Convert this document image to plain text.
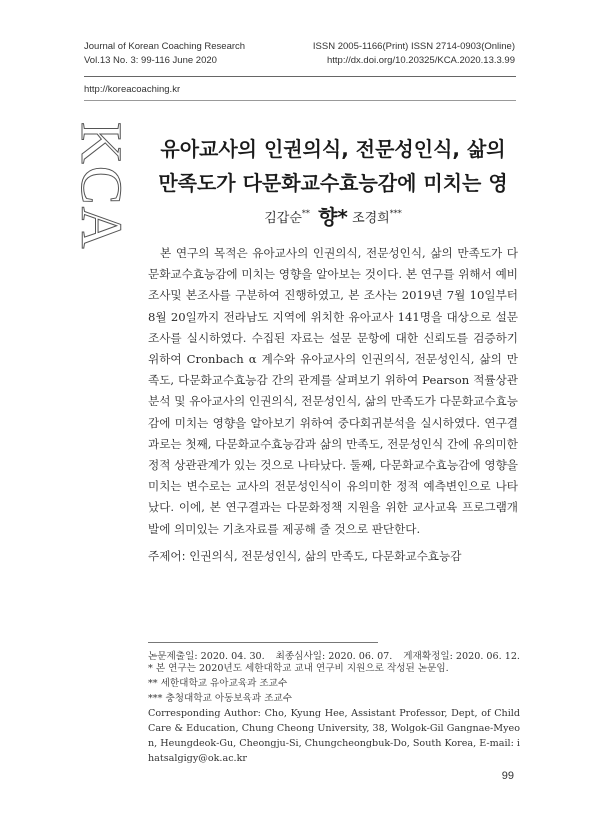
Journal of Korean Coaching Research
Vol.13 No. 3: 99-116 June 2020
ISSN 2005-1166(Print) ISSN 2714-0903(Online)
http://dx.doi.org/10.20325/KCA.2020.13.3.99
http://koreacoaching.kr
KCA	유아교사의 인권의식, 전문성인식, 삶의
만족도가 다문화교수효능감에 미치는 영향*
김갑순**	조경희***

본 연구의 목적은 유아교사의 인권의식, 전문성인식, 삶의 만족도가 다문화교수효능감에 미치는 영향을 알아보는 것이다. 본 연구를 위해서 예비조사및 본조사를 구분하여 진행하였고, 본 조사는 2019년 7월 10일부터 8월 20일까지 전라남도 지역에 위치한 유아교사 141명을 대상으로 설문조사를 실시하였다. 수집된 자료는 설문 문항에 대한 신뢰도를 검증하기 위하여 Cronbach α 계수와 유아교사의 인권의식, 전문성인식, 삶의 만족도, 다문화교수효능감 간의 관계를 살펴보기 위하여 Pearson 적률상관분석 및 유아교사의 인권의식, 전문성인식, 삶의 만족도가 다문화교수효능감에 미치는 영향을 알아보기 위하여 중다회귀분석을 실시하였다. 연구결과로는 첫째, 다문화교수효능감과 삶의 만족도, 전문성인식 간에 유의미한 정적 상관관계가 있는 것으로 나타났다. 둘째, 다문화교수효능감에 영향을 미치는 변수로는 교사의 전문성인식이 유의미한 정적 예측변인으로 나타났다. 이에, 본 연구결과는 다문화정책 지원을 위한 교사교육 프로그램개발에 의미있는 기초자료를 제공해 줄 것으로 판단한다.

주제어: 인권의식, 전문성인식, 삶의 만족도, 다문화교수효능감
논문제출일: 2020. 04. 30. 최종심사일: 2020. 06. 07. 게재확정일: 2020. 06. 12.
* 본 연구는 2020년도 세한대학교 교내 연구비 지원으로 작성된 논문임.
** 세한대학교 유아교육과 조교수
*** 충청대학교 아동보육과 조교수
Corresponding Author: Cho, Kyung Hee, Assistant Professor, Dept, of Child Care & Education, Chung Cheong University, 38, Wolgok-Gil Gangnae-Myeon, Heungdeok-Gu, Cheongju-Si, Chungcheongbuk-Do, South Korea, E-mail: ihatsalgigy@ok.ac.kr
99
